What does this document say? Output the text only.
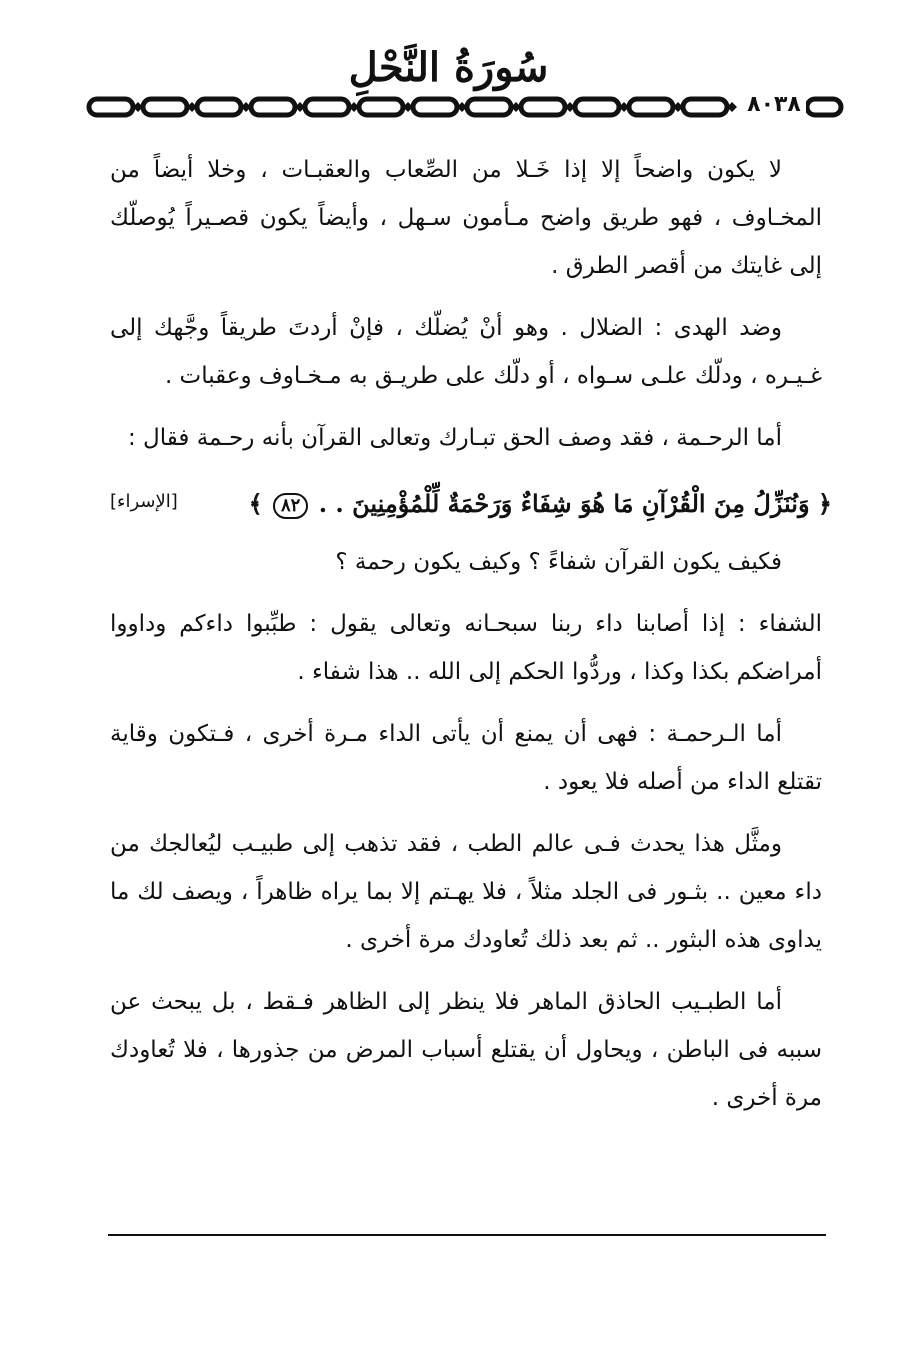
سُورَةُ النَّحْلِ
٨٠٣٨

لا يكون واضحاً إلا إذا خَـلا من الصِّعاب والعقبـات ، وخلا أيضاً من المخـاوف ، فهو طريق واضح مـأمون سـهل ، وأيضاً يكون قصـيراً يُوصلّك إلى غايتك من أقصر الطرق .

وضد الهدى : الضلال . وهو أنْ يُضلّك ، فإنْ أردتَ طريقاً وجَّهك إلى غـيـره ، ودلّك علـى سـواه ، أو دلّك على طريـق به مـخـاوف وعقبات .

أما الرحـمة ، فقد وصف الحق تبـارك وتعالى القرآن بأنه رحـمة فقال :

﴿ وَنُنَزِّلُ مِنَ الْقُرْآنِ مَا هُوَ شِفَاءٌ وَرَحْمَةٌ لِّلْمُؤْمِنِينَ . . ٨٢ ﴾
[الإسراء]

فكيف يكون القرآن شفاءً ؟ وكيف يكون رحمة ؟

الشفاء : إذا أصابنا داء ربنا سبحـانه وتعالى يقول : طبِّبوا داءكم وداووا أمراضكم بكذا وكذا ، وردُّوا الحكم إلى الله .. هذا شفاء .

أما الـرحمـة : فهى أن يمنع أن يأتى الداء مـرة أخرى ، فـتكون وقاية تقتلع الداء من أصله فلا يعود .

ومثَّل هذا يحدث فـى عالم الطب ، فقد تذهب إلى طبيـب ليُعالجك من داء معين .. بثـور فى الجلد مثلاً ، فلا يهـتم إلا بما يراه ظاهراً ، ويصف لك ما يداوى هذه البثور .. ثم بعد ذلك تُعاودك مرة أخرى .

أما الطبـيب الحاذق الماهر فلا ينظر إلى الظاهر فـقط ، بل يبحث عن سببه فى الباطن ، ويحاول أن يقتلع أسباب المرض من جذورها ، فلا تُعاودك مرة أخرى .
